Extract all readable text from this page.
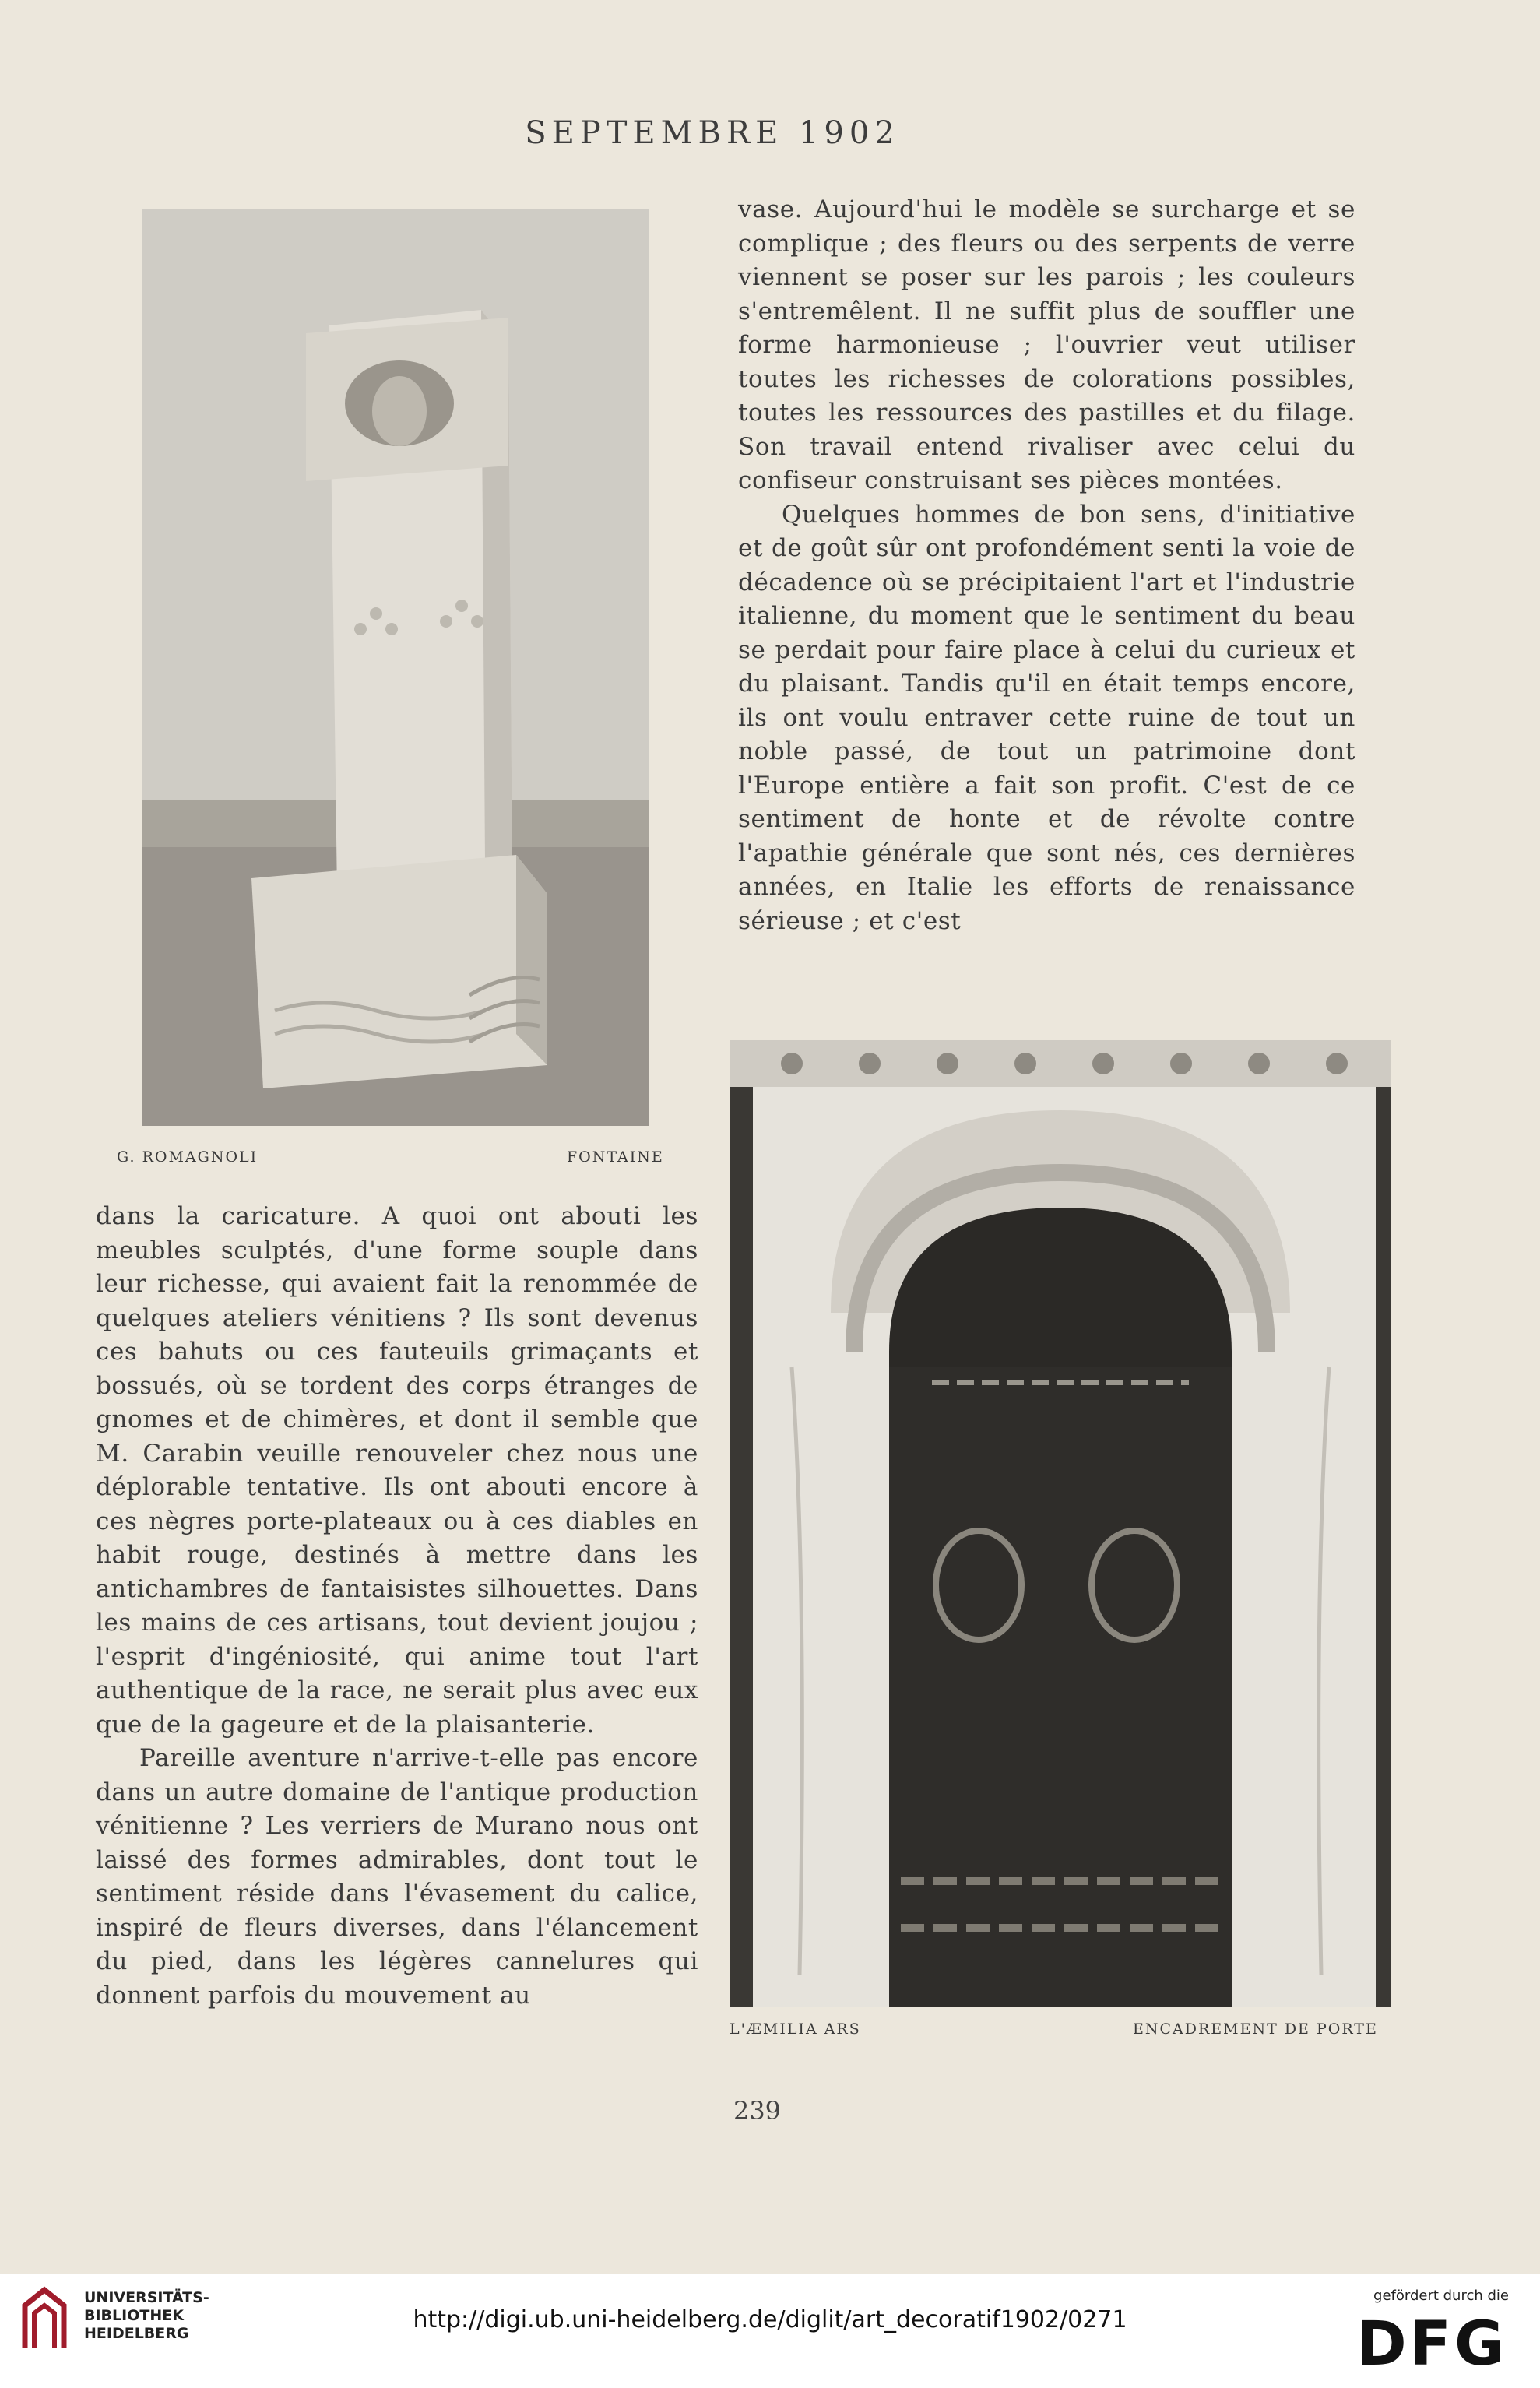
SEPTEMBRE 1902
G. ROMAGNOLI	FONTAINE

vase. Aujourd'hui le modèle se surcharge et se complique ; des fleurs ou des serpents de verre viennent se poser sur les parois ; les couleurs s'entremêlent. Il ne suffit plus de souffler une forme harmonieuse ; l'ouvrier veut utiliser toutes les richesses de colorations possibles, toutes les ressources des pastilles et du filage. Son travail entend rivaliser avec celui du confiseur construisant ses pièces montées.

Quelques hommes de bon sens, d'initiative et de goût sûr ont profondément senti la voie de décadence où se précipitaient l'art et l'industrie italienne, du moment que le sentiment du beau se perdait pour faire place à celui du curieux et du plaisant. Tandis qu'il en était temps encore, ils ont voulu entraver cette ruine de tout un noble passé, de tout un patrimoine dont l'Europe entière a fait son profit. C'est de ce sentiment de honte et de révolte contre l'apathie générale que sont nés, ces dernières années, en Italie les efforts de renaissance sérieuse ; et c'est

L'ÆMILIA ARS	ENCADREMENT DE PORTE

dans la caricature. A quoi ont abouti les meubles sculptés, d'une forme souple dans leur richesse, qui avaient fait la renommée de quelques ateliers vénitiens ? Ils sont devenus ces bahuts ou ces fauteuils grimaçants et bossués, où se tordent des corps étranges de gnomes et de chimères, et dont il semble que M. Carabin veuille renouveler chez nous une déplorable tentative. Ils ont abouti encore à ces nègres porte-plateaux ou à ces diables en habit rouge, destinés à mettre dans les antichambres de fantaisistes silhouettes. Dans les mains de ces artisans, tout devient joujou ; l'esprit d'ingéniosité, qui anime tout l'art authentique de la race, ne serait plus avec eux que de la gageure et de la plaisanterie.

Pareille aventure n'arrive-t-elle pas encore dans un autre domaine de l'antique production vénitienne ? Les verriers de Murano nous ont laissé des formes admirables, dont tout le sentiment réside dans l'évasement du calice, inspiré de fleurs diverses, dans l'élancement du pied, dans les légères cannelures qui donnent parfois du mouvement au

239
UNIVERSITÄTS-
BIBLIOTHEK
HEIDELBERG	http://digi.ub.uni-heidelberg.de/diglit/art_decoratif1902/0271
gefördert durch die
DFG
